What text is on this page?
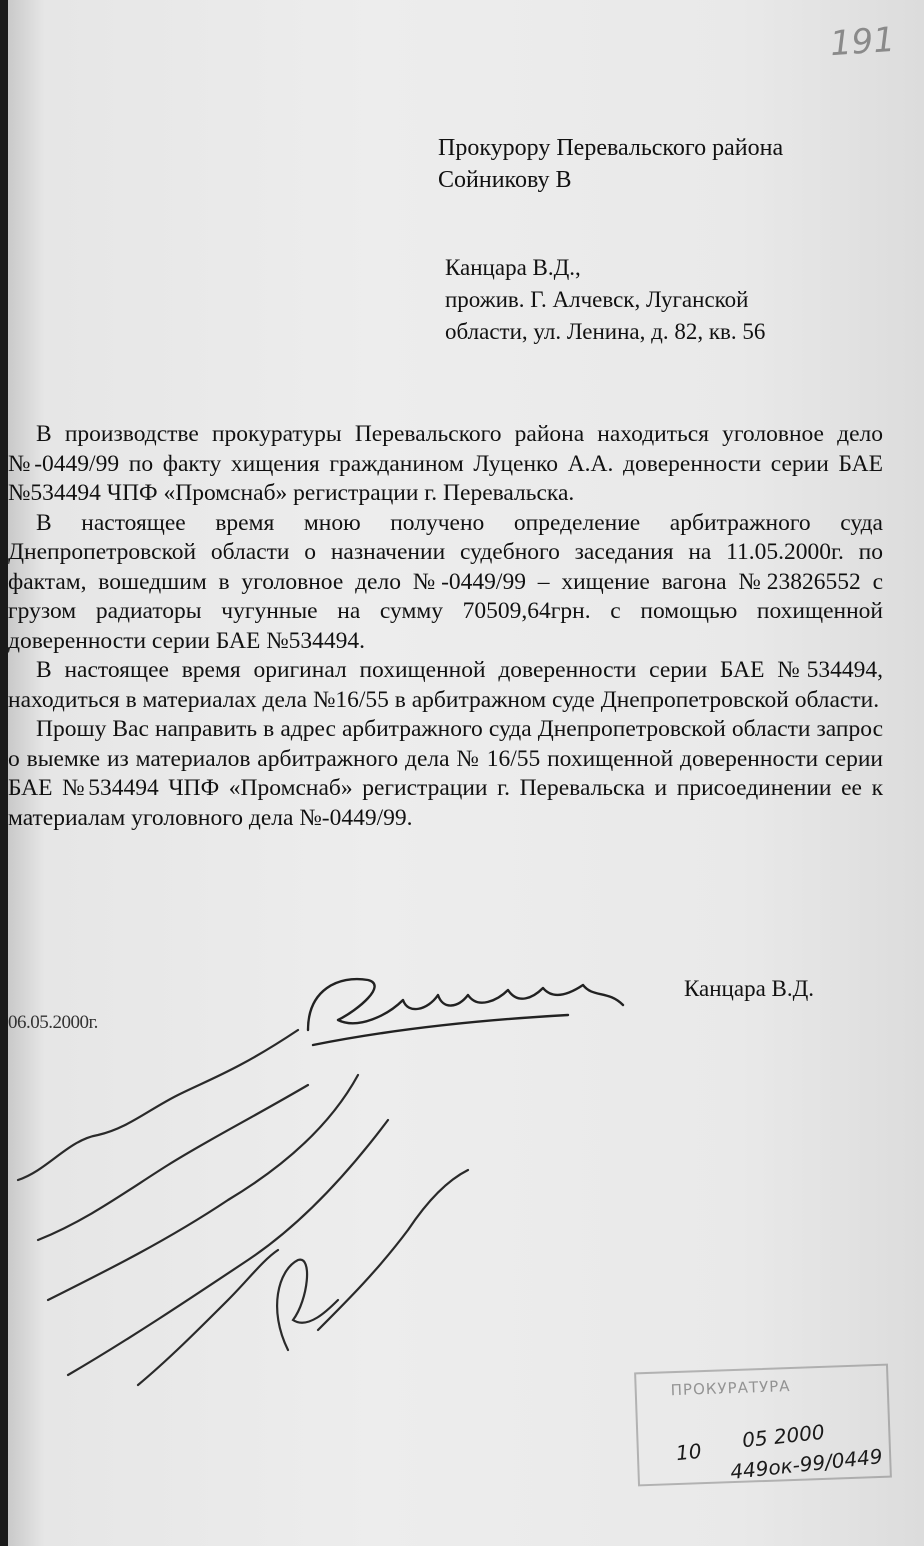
191
Прокурору Перевальского района
Сойникову В
Канцара В.Д.,
прожив. Г. Алчевск, Луганской
области, ул. Ленина, д. 82, кв. 56

В производстве прокуратуры Перевальского района находиться уголовное дело №-0449/99 по факту хищения гражданином Луценко А.А. доверенности серии БАЕ №534494 ЧПФ «Промснаб» регистрации г. Перевальска.

В настоящее время мною получено определение арбитражного суда Днепропетровской области о назначении судебного заседания на 11.05.2000г. по фактам, вошедшим в уголовное дело №-0449/99 – хищение вагона №23826552 с грузом радиаторы чугунные на сумму 70509,64грн. с помощью похищенной доверенности серии БАЕ №534494.

В настоящее время оригинал похищенной доверенности серии БАЕ №534494, находиться в материалах дела №16/55 в арбитражном суде Днепропетровской области.

Прошу Вас направить в адрес арбитражного суда Днепропетровской области запрос о выемке из материалов арбитражного дела № 16/55 похищенной доверенности серии БАЕ №534494 ЧПФ «Промснаб» регистрации г. Перевальска и присоединении ее к материалам уголовного дела №-0449/99.

Канцара В.Д.
06.05.2000г.
ПРОКУРАТУРА
10 05 2000
449ок-99/0449
